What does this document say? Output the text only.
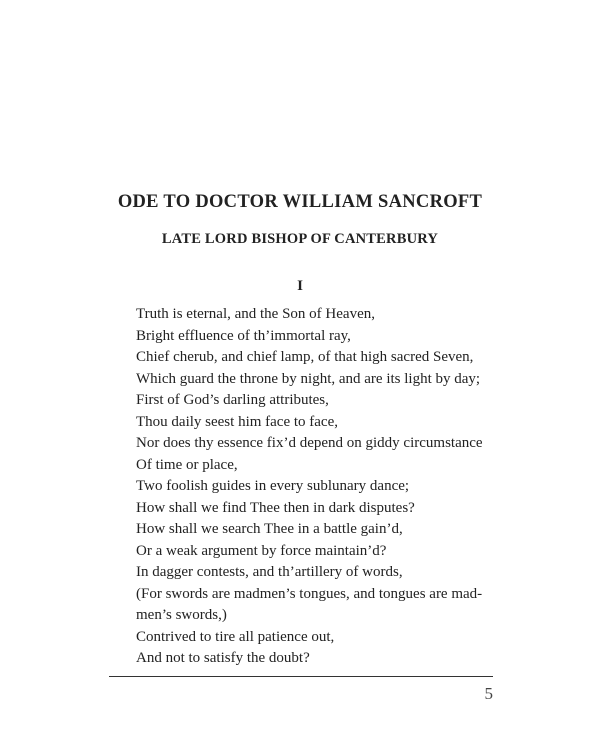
ODE TO DOCTOR WILLIAM SANCROFT
LATE LORD BISHOP OF CANTERBURY
I
Truth is eternal, and the Son of Heaven,
Bright effluence of th’immortal ray,
Chief cherub, and chief lamp, of that high sacred Seven,
Which guard the throne by night, and are its light by day;
First of God’s darling attributes,
Thou daily seest him face to face,
Nor does thy essence fix’d depend on giddy circumstance
Of time or place,
Two foolish guides in every sublunary dance;
How shall we find Thee then in dark disputes?
How shall we search Thee in a battle gain’d,
Or a weak argument by force maintain’d?
In dagger contests, and th’artillery of words,
(For swords are madmen’s tongues, and tongues are mad-
men’s swords,)
Contrived to tire all patience out,
And not to satisfy the doubt?
5
